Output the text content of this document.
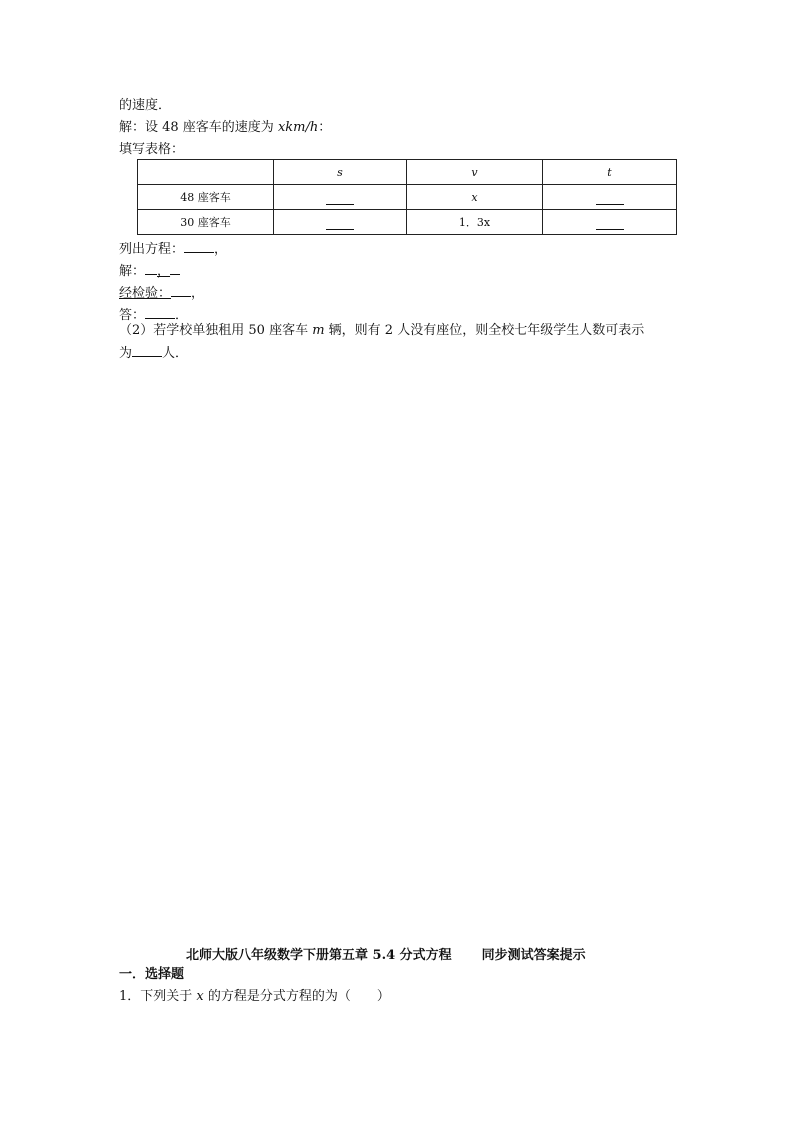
的速度．
解：设 48 座客车的速度为 xkm/h：
填写表格：
	s	v	t
48 座客车		x	
30 座客车		1．3x	
列出方程： ，
解： ，
经检验： ，
答： ．
（2）若学校单独租用 50 座客车 m 辆，则有 2 人没有座位，则全校七年级学生人数可表示
为 人．
北师大版八年级数学下册第五章 5.4 分式方程 同步测试答案提示
一．选择题
1．下列关于 x 的方程是分式方程的为（　　）
